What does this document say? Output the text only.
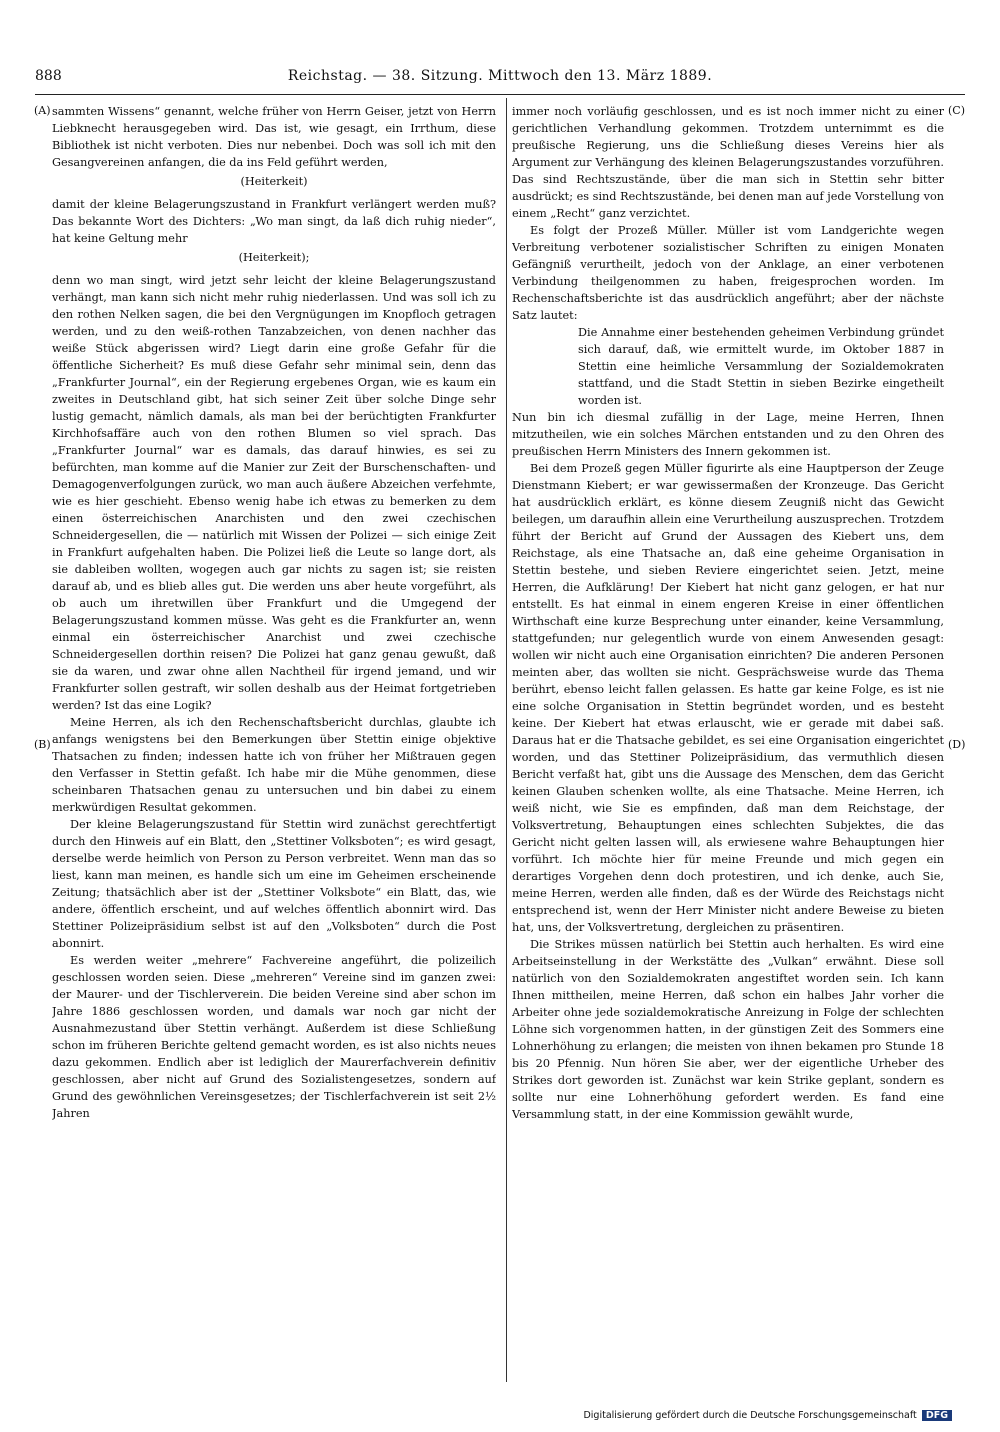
888	Reichstag. — 38. Sitzung. Mittwoch den 13. März 1889.
(A)
(B)
(C)
(D)

sammten Wissens“ genannt, welche früher von Herrn Geiser, jetzt von Herrn Liebknecht herausgegeben wird. Das ist, wie gesagt, ein Irrthum, diese Bibliothek ist nicht verboten. Dies nur nebenbei. Doch was soll ich mit den Gesangvereinen anfangen, die da ins Feld geführt werden,

(Heiterkeit)

damit der kleine Belagerungszustand in Frankfurt verlängert werden muß? Das bekannte Wort des Dichters: „Wo man singt, da laß dich ruhig nieder“, hat keine Geltung mehr

(Heiterkeit);

denn wo man singt, wird jetzt sehr leicht der kleine Belagerungszustand verhängt, man kann sich nicht mehr ruhig niederlassen. Und was soll ich zu den rothen Nelken sagen, die bei den Vergnügungen im Knopfloch getragen werden, und zu den weiß-rothen Tanzabzeichen, von denen nachher das weiße Stück abgerissen wird? Liegt darin eine große Gefahr für die öffentliche Sicherheit? Es muß diese Gefahr sehr minimal sein, denn das „Frankfurter Journal“, ein der Regierung ergebenes Organ, wie es kaum ein zweites in Deutschland gibt, hat sich seiner Zeit über solche Dinge sehr lustig gemacht, nämlich damals, als man bei der berüchtigten Frankfurter Kirchhofsaffäre auch von den rothen Blumen so viel sprach. Das „Frankfurter Journal“ war es damals, das darauf hinwies, es sei zu befürchten, man komme auf die Manier zur Zeit der Burschenschaften- und Demagogenverfolgungen zurück, wo man auch äußere Abzeichen verfehmte, wie es hier geschieht. Ebenso wenig habe ich etwas zu bemerken zu dem einen österreichischen Anarchisten und den zwei czechischen Schneidergesellen, die — natürlich mit Wissen der Polizei — sich einige Zeit in Frankfurt aufgehalten haben. Die Polizei ließ die Leute so lange dort, als sie dableiben wollten, wogegen auch gar nichts zu sagen ist; sie reisten darauf ab, und es blieb alles gut. Die werden uns aber heute vorgeführt, als ob auch um ihretwillen über Frankfurt und die Umgegend der Belagerungszustand kommen müsse. Was geht es die Frankfurter an, wenn einmal ein österreichischer Anarchist und zwei czechische Schneidergesellen dorthin reisen? Die Polizei hat ganz genau gewußt, daß sie da waren, und zwar ohne allen Nachtheil für irgend jemand, und wir Frankfurter sollen gestraft, wir sollen deshalb aus der Heimat fortgetrieben werden? Ist das eine Logik?

Meine Herren, als ich den Rechenschaftsbericht durchlas, glaubte ich anfangs wenigstens bei den Bemerkungen über Stettin einige objektive Thatsachen zu finden; indessen hatte ich von früher her Mißtrauen gegen den Verfasser in Stettin gefaßt. Ich habe mir die Mühe genommen, diese scheinbaren Thatsachen genau zu untersuchen und bin dabei zu einem merkwürdigen Resultat gekommen.

Der kleine Belagerungszustand für Stettin wird zunächst gerechtfertigt durch den Hinweis auf ein Blatt, den „Stettiner Volksboten“; es wird gesagt, derselbe werde heimlich von Person zu Person verbreitet. Wenn man das so liest, kann man meinen, es handle sich um eine im Geheimen erscheinende Zeitung; thatsächlich aber ist der „Stettiner Volksbote“ ein Blatt, das, wie andere, öffentlich erscheint, und auf welches öffentlich abonnirt wird. Das Stettiner Polizeipräsidium selbst ist auf den „Volksboten“ durch die Post abonnirt.

Es werden weiter „mehrere“ Fachvereine angeführt, die polizeilich geschlossen worden seien. Diese „mehreren“ Vereine sind im ganzen zwei: der Maurer- und der Tischlerverein. Die beiden Vereine sind aber schon im Jahre 1886 geschlossen worden, und damals war noch gar nicht der Ausnahmezustand über Stettin verhängt. Außerdem ist diese Schließung schon im früheren Berichte geltend gemacht worden, es ist also nichts neues dazu gekommen. Endlich aber ist lediglich der Maurerfachverein definitiv geschlossen, aber nicht auf Grund des Sozialistengesetzes, sondern auf Grund des gewöhnlichen Vereinsgesetzes; der Tischlerfachverein ist seit 2½ Jahren

immer noch vorläufig geschlossen, und es ist noch immer nicht zu einer gerichtlichen Verhandlung gekommen. Trotzdem unternimmt es die preußische Regierung, uns die Schließung dieses Vereins hier als Argument zur Verhängung des kleinen Belagerungszustandes vorzuführen. Das sind Rechtszustände, über die man sich in Stettin sehr bitter ausdrückt; es sind Rechtszustände, bei denen man auf jede Vorstellung von einem „Recht“ ganz verzichtet.

Es folgt der Prozeß Müller. Müller ist vom Landgerichte wegen Verbreitung verbotener sozialistischer Schriften zu einigen Monaten Gefängniß verurtheilt, jedoch von der Anklage, an einer verbotenen Verbindung theilgenommen zu haben, freigesprochen worden. Im Rechenschaftsberichte ist das ausdrücklich angeführt; aber der nächste Satz lautet:

Die Annahme einer bestehenden geheimen Verbindung gründet sich darauf, daß, wie ermittelt wurde, im Oktober 1887 in Stettin eine heimliche Versammlung der Sozialdemokraten stattfand, und die Stadt Stettin in sieben Bezirke eingetheilt worden ist.

Nun bin ich diesmal zufällig in der Lage, meine Herren, Ihnen mitzutheilen, wie ein solches Märchen entstanden und zu den Ohren des preußischen Herrn Ministers des Innern gekommen ist.

Bei dem Prozeß gegen Müller figurirte als eine Hauptperson der Zeuge Dienstmann Kiebert; er war gewissermaßen der Kronzeuge. Das Gericht hat ausdrücklich erklärt, es könne diesem Zeugniß nicht das Gewicht beilegen, um daraufhin allein eine Verurtheilung auszusprechen. Trotzdem führt der Bericht auf Grund der Aussagen des Kiebert uns, dem Reichstage, als eine Thatsache an, daß eine geheime Organisation in Stettin bestehe, und sieben Reviere eingerichtet seien. Jetzt, meine Herren, die Aufklärung! Der Kiebert hat nicht ganz gelogen, er hat nur entstellt. Es hat einmal in einem engeren Kreise in einer öffentlichen Wirthschaft eine kurze Besprechung unter einander, keine Versammlung, stattgefunden; nur gelegentlich wurde von einem Anwesenden gesagt: wollen wir nicht auch eine Organisation einrichten? Die anderen Personen meinten aber, das wollten sie nicht. Gesprächsweise wurde das Thema berührt, ebenso leicht fallen gelassen. Es hatte gar keine Folge, es ist nie eine solche Organisation in Stettin begründet worden, und es besteht keine. Der Kiebert hat etwas erlauscht, wie er gerade mit dabei saß. Daraus hat er die Thatsache gebildet, es sei eine Organisation eingerichtet worden, und das Stettiner Polizeipräsidium, das vermuthlich diesen Bericht verfaßt hat, gibt uns die Aussage des Menschen, dem das Gericht keinen Glauben schenken wollte, als eine Thatsache. Meine Herren, ich weiß nicht, wie Sie es empfinden, daß man dem Reichstage, der Volksvertretung, Behauptungen eines schlechten Subjektes, die das Gericht nicht gelten lassen will, als erwiesene wahre Behauptungen hier vorführt. Ich möchte hier für meine Freunde und mich gegen ein derartiges Vorgehen denn doch protestiren, und ich denke, auch Sie, meine Herren, werden alle finden, daß es der Würde des Reichstags nicht entsprechend ist, wenn der Herr Minister nicht andere Beweise zu bieten hat, uns, der Volksvertretung, dergleichen zu präsentiren.

Die Strikes müssen natürlich bei Stettin auch herhalten. Es wird eine Arbeitseinstellung in der Werkstätte des „Vulkan“ erwähnt. Diese soll natürlich von den Sozialdemokraten angestiftet worden sein. Ich kann Ihnen mittheilen, meine Herren, daß schon ein halbes Jahr vorher die Arbeiter ohne jede sozialdemokratische Anreizung in Folge der schlechten Löhne sich vorgenommen hatten, in der günstigen Zeit des Sommers eine Lohnerhöhung zu erlangen; die meisten von ihnen bekamen pro Stunde 18 bis 20 Pfennig. Nun hören Sie aber, wer der eigentliche Urheber des Strikes dort geworden ist. Zunächst war kein Strike geplant, sondern es sollte nur eine Lohnerhöhung gefordert werden. Es fand eine Versammlung statt, in der eine Kommission gewählt wurde,

Digitalisierung gefördert durch die Deutsche Forschungsgemeinschaft DFG
